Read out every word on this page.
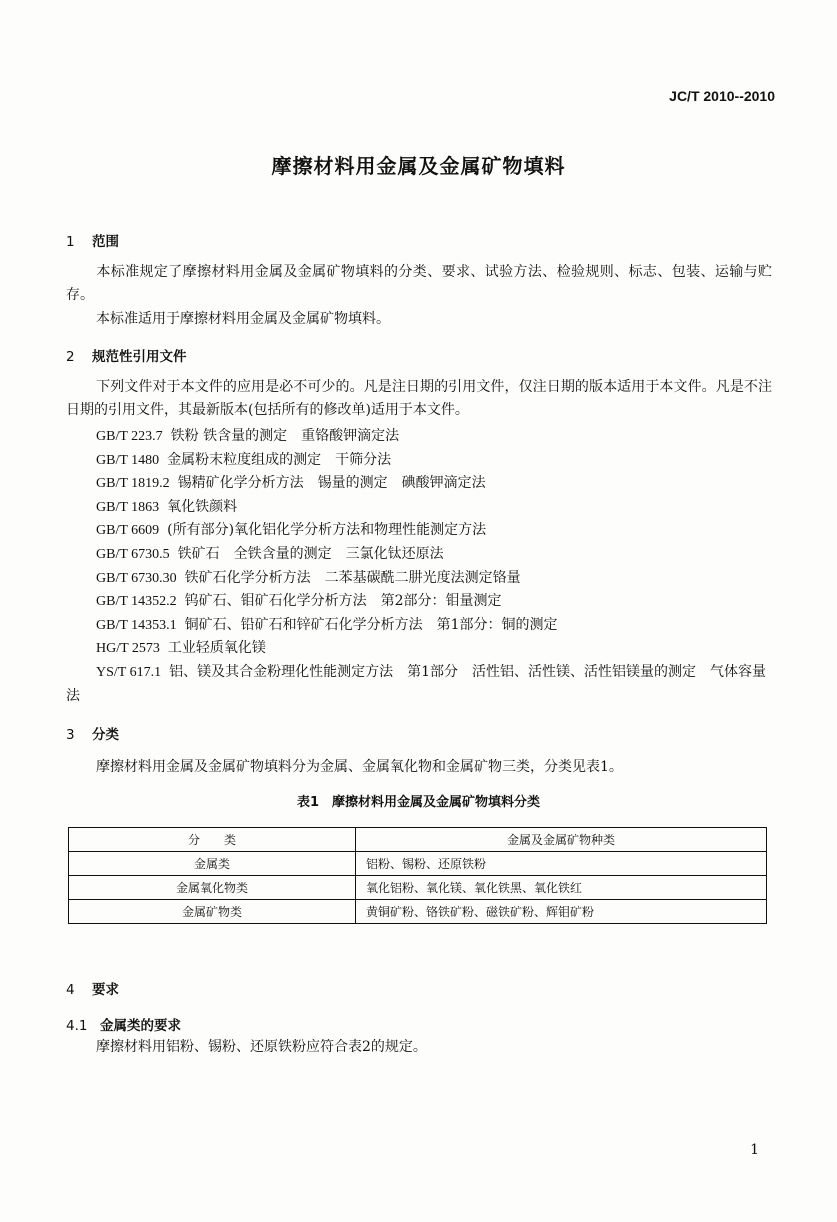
JC/T 2010--2010
摩擦材料用金属及金属矿物填料
1 范围
本标准规定了摩擦材料用金属及金属矿物填料的分类、要求、试验方法、检验规则、标志、包装、运输与贮存。
本标准适用于摩擦材料用金属及金属矿物填料。
2 规范性引用文件
下列文件对于本文件的应用是必不可少的。凡是注日期的引用文件，仅注日期的版本适用于本文件。凡是不注日期的引用文件，其最新版本(包括所有的修改单)适用于本文件。
GB/T 223.7 铁粉 铁含量的测定　重铬酸钾滴定法
GB/T 1480 金属粉末粒度组成的测定　干筛分法
GB/T 1819.2 锡精矿化学分析方法　锡量的测定　碘酸钾滴定法
GB/T 1863 氧化铁颜料
GB/T 6609 (所有部分)氧化铝化学分析方法和物理性能测定方法
GB/T 6730.5 铁矿石　全铁含量的测定　三氯化钛还原法
GB/T 6730.30 铁矿石化学分析方法　二苯基碳酰二肼光度法测定铬量
GB/T 14352.2 钨矿石、钼矿石化学分析方法　第2部分：钼量测定
GB/T 14353.1 铜矿石、铅矿石和锌矿石化学分析方法　第1部分：铜的测定
HG/T 2573 工业轻质氧化镁
YS/T 617.1 铝、镁及其合金粉理化性能测定方法　第1部分　活性铝、活性镁、活性铝镁量的测定　气体容量法
3 分类
摩擦材料用金属及金属矿物填料分为金属、金属氧化物和金属矿物三类，分类见表1。
表1　摩擦材料用金属及金属矿物填料分类
分　　类	金属及金属矿物种类
金属类	铝粉、锡粉、还原铁粉
金属氧化物类	氧化铝粉、氧化镁、氧化铁黑、氧化铁红
金属矿物类	黄铜矿粉、铬铁矿粉、磁铁矿粉、辉钼矿粉
4 要求
4.1 金属类的要求
摩擦材料用铝粉、锡粉、还原铁粉应符合表2的规定。
1
